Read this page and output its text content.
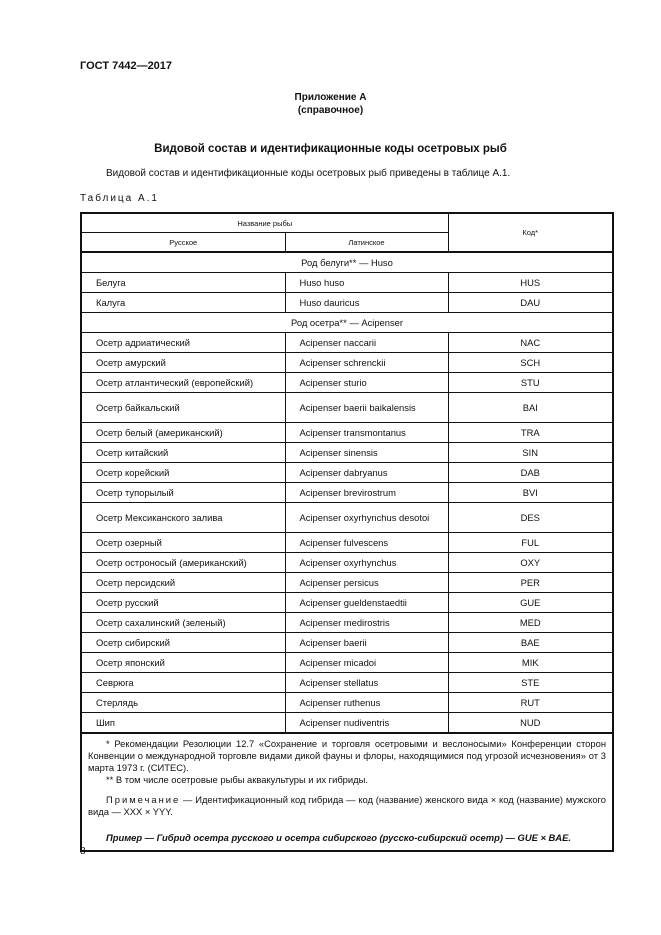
ГОСТ 7442—2017
Приложение А
(справочное)
Видовой состав и идентификационные коды осетровых рыб
Видовой состав и идентификационные коды осетровых рыб приведены в таблице А.1.
Таблица А.1
Название рыбы		Код*
Русское	Латинское	
Род белуги** — Huso		
Белуга	Huso huso	HUS
Калуга	Huso dauricus	DAU
Род осетра** — Acipenser		
Осетр адриатический	Acipenser naccarii	NAC
Осетр амурский	Acipenser schrenckii	SCH
Осетр атлантический (европейский)	Acipenser sturio	STU
Осетр байкальский	Acipenser baerii baikalensis	BAI
Осетр белый (американский)	Acipenser transmontanus	TRA
Осетр китайский	Acipenser sinensis	SIN
Осетр корейский	Acipenser dabryanus	DAB
Осетр тупорылый	Acipenser brevirostrum	BVI
Осетр Мексиканского залива	Acipenser oxyrhynchus desotoi	DES
Осетр озерный	Acipenser fulvescens	FUL
Осетр остроносый (американский)	Acipenser oxyrhynchus	OXY
Осетр персидский	Acipenser persicus	PER
Осетр русский	Acipenser gueldenstaedtii	GUE
Осетр сахалинский (зеленый)	Acipenser medirostris	MED
Осетр сибирский	Acipenser baerii	BAE
Осетр японский	Acipenser micadoi	MIK
Севрюга	Acipenser stellatus	STE
Стерлядь	Acipenser ruthenus	RUT
Шип	Acipenser nudiventris	NUD

* Рекомендации Резолюции 12.7 «Сохранение и торговля осетровыми и веслоносыми» Конференции сторон Конвенции о международной торговле видами дикой фауны и флоры, находящимися под угрозой исчезновения» от 3 марта 1973 г. (СИТЕС).

** В том числе осетровые рыбы аквакультуры и их гибриды.

Примечание — Идентификационный код гибрида — код (название) женского вида × код (название) мужского вида — XXX × YYY.

Пример — Гибрид осетра русского и осетра сибирского (русско-сибирский осетр) — GUE × BAE.		

8
